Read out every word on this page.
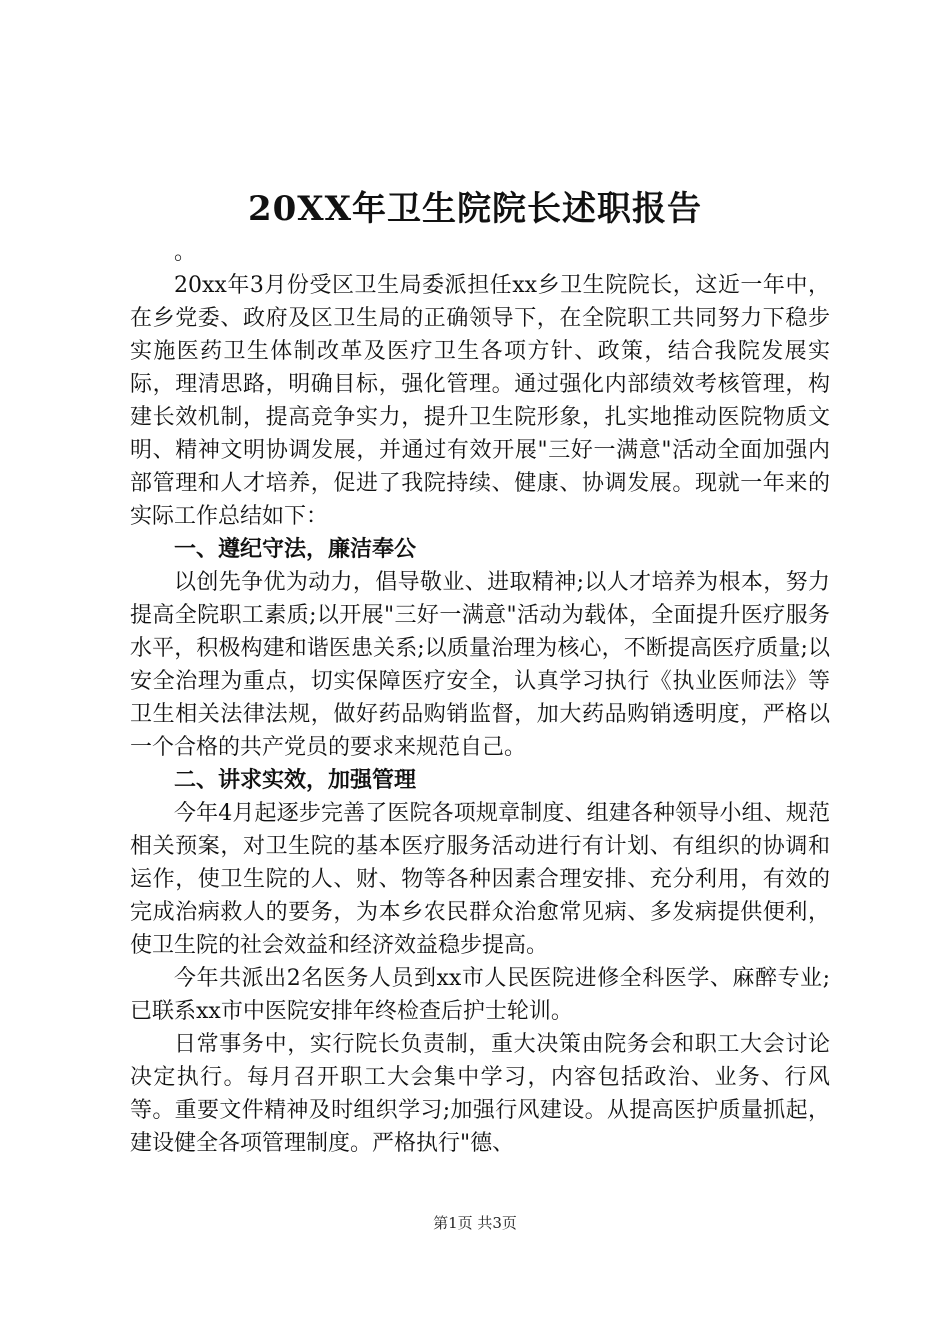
20XX年卫生院院长述职报告

。

20xx年3月份受区卫生局委派担任xx乡卫生院院长，这近一年中，在乡党委、政府及区卫生局的正确领导下，在全院职工共同努力下稳步实施医药卫生体制改革及医疗卫生各项方针、政策，结合我院发展实际，理清思路，明确目标，强化管理。通过强化内部绩效考核管理，构建长效机制，提高竞争实力，提升卫生院形象，扎实地推动医院物质文明、精神文明协调发展，并通过有效开展"三好一满意"活动全面加强内部管理和人才培养，促进了我院持续、健康、协调发展。现就一年来的实际工作总结如下：

一、遵纪守法，廉洁奉公

以创先争优为动力，倡导敬业、进取精神;以人才培养为根本，努力提高全院职工素质;以开展"三好一满意"活动为载体，全面提升医疗服务水平，积极构建和谐医患关系;以质量治理为核心，不断提高医疗质量;以安全治理为重点，切实保障医疗安全，认真学习执行《执业医师法》等卫生相关法律法规，做好药品购销监督，加大药品购销透明度，严格以一个合格的共产党员的要求来规范自己。

二、讲求实效，加强管理

今年4月起逐步完善了医院各项规章制度、组建各种领导小组、规范相关预案，对卫生院的基本医疗服务活动进行有计划、有组织的协调和运作，使卫生院的人、财、物等各种因素合理安排、充分利用，有效的完成治病救人的要务，为本乡农民群众治愈常见病、多发病提供便利，使卫生院的社会效益和经济效益稳步提高。

今年共派出2名医务人员到xx市人民医院进修全科医学、麻醉专业;已联系xx市中医院安排年终检查后护士轮训。

日常事务中，实行院长负责制，重大决策由院务会和职工大会讨论决定执行。每月召开职工大会集中学习，内容包括政治、业务、行风等。重要文件精神及时组织学习;加强行风建设。从提高医护质量抓起，建设健全各项管理制度。严格执行"德、

第1页 共3页
